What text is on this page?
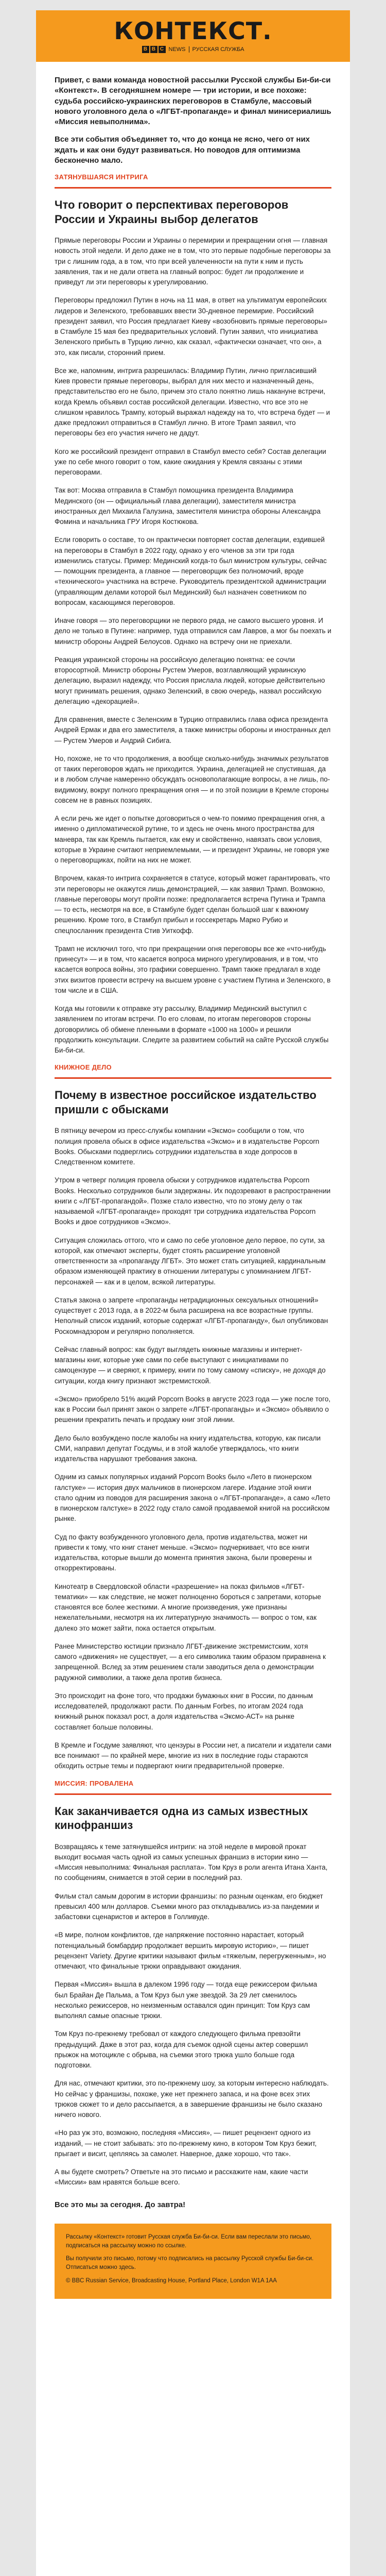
КОНТЕКСТ.
B B C NEWS РУССКАЯ СЛУЖБА

Привет, с вами команда новостной рассылки Русской службы Би-би-си «Контекст». В сегодняшнем номере — три истории, и все похоже: судьба российско-украинских переговоров в Стамбуле, массовый нового уголовного дела о «ЛГБТ-пропаганде» и финал минисериалишь «Миссия невыполнима».

Все эти события объединяет то, что до конца не ясно, чего от них ждать и как они будут развиваться. Но поводов для оптимизма бесконечно мало.

ЗАТЯНУВШАЯСЯ ИНТРИГА
Что говорит о перспективах переговоров России и Украины выбор делегатов

Прямые переговоры России и Украины о перемирии и прекращении огня — главная новость этой недели. И дело даже не в том, что это первые подобные переговоры за три с лишним года, а в том, что при всей увлеченности на пути к ним и пусть заявления, так и не дали ответа на главный вопрос: будет ли продолжение и приведут ли эти переговоры к урегулированию.

Переговоры предложил Путин в ночь на 11 мая, в ответ на ультиматум европейских лидеров и Зеленского, требовавших ввести 30-дневное перемирие. Российский президент заявил, что Россия предлагает Киеву «возобновить прямые переговоры» в Стамбуле 15 мая без предварительных условий. Путин заявил, что инициатива Зеленского прибыть в Турцию лично, как сказал, «фактически означает, что он», а это, как писали, сторонний прием.

Все же, напомним, интрига разрешилась: Владимир Путин, лично пригласивший Киев провести прямые переговоры, выбрал для них место и назначенный день, представительство его не было, причем это стало понятно лишь накануне встречи, когда Кремль объявил состав российской делегации. Известно, что все это не слишком нравилось Трампу, который выражал надежду на то, что встреча будет — и даже предложил отправиться в Стамбул лично. В итоге Трамп заявил, что переговоры без его участия ничего не дадут.

Кого же российский президент отправил в Стамбул вместо себя? Состав делегации уже по себе много говорит о том, какие ожидания у Кремля связаны с этими переговорами.

Так вот: Москва отправила в Стамбул помощника президента Владимира Мединского (он — официальный глава делегации), заместителя министра иностранных дел Михаила Галузина, заместителя министра обороны Александра Фомина и начальника ГРУ Игоря Костюкова.

Если говорить о составе, то он практически повторяет состав делегации, ездившей на переговоры в Стамбул в 2022 году, однако у его членов за эти три года изменились статусы. Пример: Мединский когда-то был министром культуры, сейчас — помощник президента, а главное — переговорщик без полномочий, вроде «технического» участника на встрече. Руководитель президентской администрации (управляющим делами которой был Мединский) был назначен советником по вопросам, касающимся переговоров.

Иначе говоря — это переговорщики не первого ряда, не самого высшего уровня. И дело не только в Путине: например, туда отправился сам Лавров, а мог бы поехать и министр обороны Андрей Белоусов. Однако на встречу они не приехали.

Реакция украинской стороны на российскую делегацию понятна: ее сочли второсортной. Министр обороны Рустем Умеров, возглавляющий украинскую делегацию, выразил надежду, что Россия прислала людей, которые действительно могут принимать решения, однако Зеленский, в свою очередь, назвал российскую делегацию «декорацией».

Для сравнения, вместе с Зеленским в Турцию отправились глава офиса президента Андрей Ермак и два его заместителя, а также министры обороны и иностранных дел — Рустем Умеров и Андрий Сибига.

Но, похоже, не то что продолжения, а вообще сколько-нибудь значимых результатов от таких переговоров ждать не приходится. Украина, делегацией не спустившая, да и в любом случае намеренно обсуждать основополагающие вопросы, а не лишь, по-видимому, вокруг полного прекращения огня — и по этой позиции в Кремле стороны совсем не в равных позициях.

А если речь же идет о попытке договориться о чем-то помимо прекращения огня, а именно о дипломатической рутине, то и здесь не очень много пространства для маневра, так как Кремль пытается, как ему и свойственно, навязать свои условия, которые в Украине считают неприемлемыми, — и президент Украины, не говоря уже о переговорщиках, пойти на них не может.

Впрочем, какая-то интрига сохраняется в статусе, который может гарантировать, что эти переговоры не окажутся лишь демонстрацией, — как заявил Трамп. Возможно, главные переговоры могут пройти позже: предполагается встреча Путина и Трампа — то есть, несмотря на все, в Стамбуле будет сделан большой шаг к важному решению. Кроме того, в Стамбул прибыл и госсекретарь Марко Рубио и спецпосланник президента Стив Уиткофф.

Трамп не исключил того, что при прекращении огня переговоры все же «что-нибудь принесут» — и в том, что касается вопроса мирного урегулирования, и в том, что касается вопроса войны, это графики совершенно. Трамп также предлагал в ходе этих визитов провести встречу на высшем уровне с участием Путина и Зеленского, в том числе и в США.

Когда мы готовили к отправке эту рассылку, Владимир Мединский выступил с заявлением по итогам встречи. По его словам, по итогам переговоров стороны договорились об обмене пленными в формате «1000 на 1000» и решили продолжить консультации. Следите за развитием событий на сайте Русской службы Би-би-си.

КНИЖНОЕ ДЕЛО
Почему в известное российское издательство пришли с обысками

В пятницу вечером из пресс-службы компании «Эксмо» сообщили о том, что полиция провела обыск в офисе издательства «Эксмо» и в издательстве Popcorn Books. Обысками подверглись сотрудники издательства в ходе допросов в Следственном комитете.

Утром в четверг полиция провела обыски у сотрудников издательства Popcorn Books. Несколько сотрудников были задержаны. Их подозревают в распространении книги с «ЛГБТ-пропагандой». Позже стало известно, что по этому делу о так называемой «ЛГБТ-пропаганде» проходят три сотрудника издательства Popcorn Books и двое сотрудников «Эксмо».

Ситуация сложилась оттого, что и само по себе уголовное дело первое, по сути, за которой, как отмечают эксперты, будет стоять расширение уголовной ответственности за «пропаганду ЛГБТ». Это может стать ситуацией, кардинальным образом изменяющей практику в отношении литературы с упоминанием ЛГБТ-персонажей — как и в целом, всякой литературы.

Статья закона о запрете «пропаганды нетрадиционных сексуальных отношений» существует с 2013 года, а в 2022-м была расширена на все возрастные группы. Неполный список изданий, которые содержат «ЛГБТ-пропаганду», был опубликован Роскомнадзором и регулярно пополняется.

Сейчас главный вопрос: как будут выглядеть книжные магазины и интернет-магазины книг, которые уже сами по себе выступают с инициативами по самоцензуре — и сверяют, к примеру, книги по тому самому «списку», не доходя до ситуации, когда книгу признают экстремистской.

«Эксмо» приобрело 51% акций Popcorn Books в августе 2023 года — уже после того, как в России был принят закон о запрете «ЛГБТ-пропаганды» и «Эксмо» объявило о решении прекратить печать и продажу книг этой линии.

Дело было возбуждено после жалобы на книгу издательства, которую, как писали СМИ, направил депутат Госдумы, и в этой жалобе утверждалось, что книги издательства нарушают требования закона.

Одним из самых популярных изданий Popcorn Books было «Лето в пионерском галстуке» — история двух мальчиков в пионерском лагере. Издание этой книги стало одним из поводов для расширения закона о «ЛГБТ-пропаганде», а само «Лето в пионерском галстуке» в 2022 году стало самой продаваемой книгой на российском рынке.

Суд по факту возбужденного уголовного дела, против издательства, может ни привести к тому, что книг станет меньше. «Эксмо» подчеркивает, что все книги издательства, которые вышли до момента принятия закона, были проверены и откорректированы.

Кинотеатр в Свердловской области «разрешение» на показ фильмов «ЛГБТ-тематики» — как следствие, не может полноценно бороться с запретами, которые становятся все более жесткими. А многие произведения, уже признаны нежелательными, несмотря на их литературную значимость — вопрос о том, как далеко это может зайти, пока остается открытым.

Ранее Министерство юстиции признало ЛГБТ-движение экстремистским, хотя самого «движения» не существует, — а его символика таким образом приравнена к запрещенной. Вслед за этим решением стали заводиться дела о демонстрации радужной символики, а также дела против бизнеса.

Это происходит на фоне того, что продажи бумажных книг в России, по данным исследователей, продолжают расти. По данным Forbes, по итогам 2024 года книжный рынок показал рост, а доля издательства «Эксмо-АСТ» на рынке составляет больше половины.

В Кремле и Госдуме заявляют, что цензуры в России нет, а писатели и издатели сами все понимают — по крайней мере, многие из них в последние годы стараются обходить острые темы и подвергают книги предварительной проверке.

МИССИЯ: ПРОВАЛЕНА
Как заканчивается одна из самых известных кинофраншиз

Возвращаясь к теме затянувшейся интриги: на этой неделе в мировой прокат выходит восьмая часть одной из самых успешных франшиз в истории кино — «Миссия невыполнима: Финальная расплата». Том Круз в роли агента Итана Ханта, по сообщениям, снимается в этой серии в последний раз.

Фильм стал самым дорогим в истории франшизы: по разным оценкам, его бюджет превысил 400 млн долларов. Съемки много раз откладывались из-за пандемии и забастовки сценаристов и актеров в Голливуде.

«В мире, полном конфликтов, где напряжение постоянно нарастает, который потенциальный бомбардир продолжает вершить мировую историю», — пишет рецензент Variety. Другие критики называют фильм «тяжелым, перегруженным», но отмечают, что финальные трюки оправдывают ожидания.

Первая «Миссия» вышла в далеком 1996 году — тогда еще режиссером фильма был Брайан Де Пальма, а Том Круз был уже звездой. За 29 лет сменилось несколько режиссеров, но неизменным оставался один принцип: Том Круз сам выполнял самые опасные трюки.

Том Круз по-прежнему требовал от каждого следующего фильма превзойти предыдущий. Даже в этот раз, когда для съемок одной сцены актер совершил прыжок на мотоцикле с обрыва, на съемки этого трюка ушло больше года подготовки.

Для нас, отмечают критики, это по-прежнему шоу, за которым интересно наблюдать. Но сейчас у франшизы, похоже, уже нет прежнего запаса, и на фоне всех этих трюков сюжет то и дело рассыпается, а в завершение франшизы не было сказано ничего нового.

«Но раз уж это, возможно, последняя «Миссия», — пишет рецензент одного из изданий, — не стоит забывать: это по-прежнему кино, в котором Том Круз бежит, прыгает и висит, цепляясь за самолет. Наверное, даже хорошо, что так».

А вы будете смотреть? Ответьте на это письмо и расскажите нам, какие части «Миссии» вам нравятся больше всего.

Все это мы за сегодня. До завтра!

Рассылку «Контекст» готовит Русская служба Би-би-си. Если вам переслали это письмо, подписаться на рассылку можно по ссылке.

Вы получили это письмо, потому что подписались на рассылку Русской службы Би-би-си. Отписаться можно здесь.

© BBC Russian Service, Broadcasting House, Portland Place, London W1A 1AA
